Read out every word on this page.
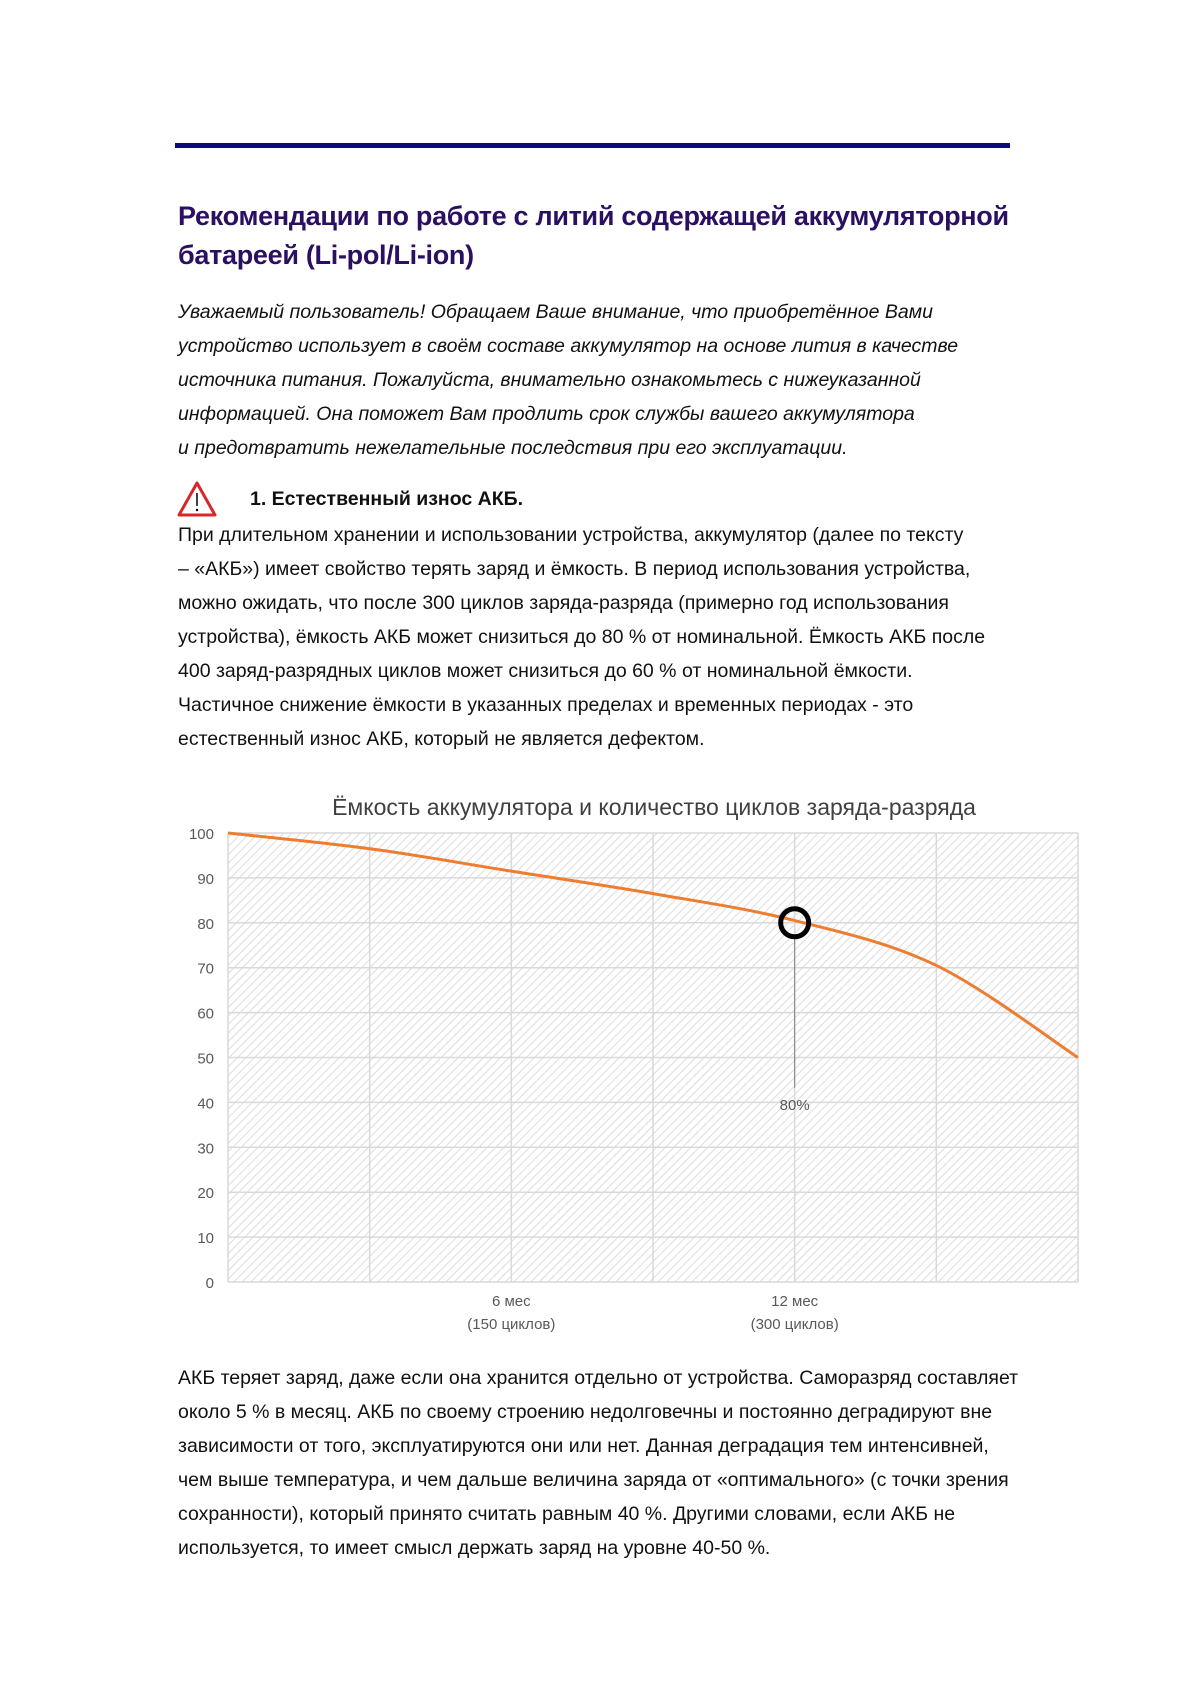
Рекомендации по работе с литий содержащей аккумуляторной
батареей (Li-pol/Li-ion)
Уважаемый пользователь! Обращаем Ваше внимание, что приобретённое Вами
устройство использует в своём составе аккумулятор на основе лития в качестве
источника питания. Пожалуйста, внимательно ознакомьтесь с нижеуказанной
информацией. Она поможет Вам продлить срок службы вашего аккумулятора
и предотвратить нежелательные последствия при его эксплуатации.
1. Естественный износ АКБ.
При длительном хранении и использовании устройства, аккумулятор (далее по тексту
– «АКБ») имеет свойство терять заряд и ёмкость. В период использования устройства,
можно ожидать, что после 300 циклов заряда-разряда (примерно год использования
устройства), ёмкость АКБ может снизиться до 80 % от номинальной. Ёмкость АКБ после
400 заряд-разрядных циклов может снизиться до 60 % от номинальной ёмкости.
Частичное снижение ёмкости в указанных пределах и временных периодах - это
естественный износ АКБ, который не является дефектом.
Ёмкость аккумулятора и количество циклов заряда-разряда
0
10
20
30
40
50
60
70
80
90
100
6 мес
(150 циклов)
12 мес
(300 циклов)
80%
АКБ теряет заряд, даже если она хранится отдельно от устройства. Саморазряд составляет
около 5 % в месяц. АКБ по своему строению недолговечны и постоянно деградируют вне
зависимости от того, эксплуатируются они или нет. Данная деградация тем интенсивней,
чем выше температура, и чем дальше величина заряда от «оптимального» (с точки зрения
сохранности), который принято считать равным 40 %. Другими словами, если АКБ не
используется, то имеет смысл держать заряд на уровне 40-50 %.
